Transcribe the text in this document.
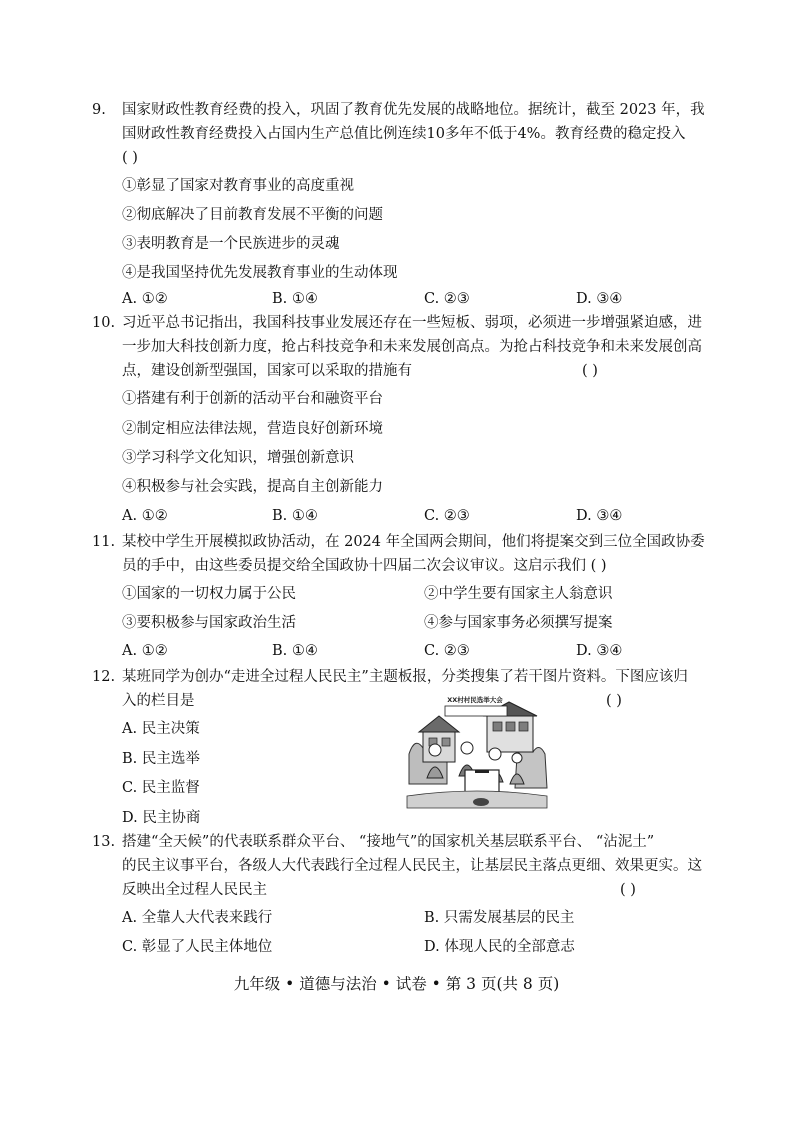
9. 国家财政性教育经费的投入，巩固了教育优先发展的战略地位。据统计，截至 2023 年，我
国财政性教育经费投入占国内生产总值比例连续10多年不低于4%。教育经费的稳定投入
( )
①彰显了国家对教育事业的高度重视
②彻底解决了目前教育发展不平衡的问题
③表明教育是一个民族进步的灵魂
④是我国坚持优先发展教育事业的生动体现
A. ①②	B. ①④	C. ②③	D. ③④
10. 习近平总书记指出，我国科技事业发展还存在一些短板、弱项，必须进一步增强紧迫感，进
一步加大科技创新力度，抢占科技竞争和未来发展创高点。为抢占科技竞争和未来发展创高
点，建设创新型强国，国家可以采取的措施有	( )
①搭建有利于创新的活动平台和融资平台
②制定相应法律法规，营造良好创新环境
③学习科学文化知识，增强创新意识
④积极参与社会实践，提高自主创新能力
A. ①②	B. ①④	C. ②③	D. ③④
11. 某校中学生开展模拟政协活动，在 2024 年全国两会期间，他们将提案交到三位全国政协委
员的手中，由这些委员提交给全国政协十四届二次会议审议。这启示我们 ( )
①国家的一切权力属于公民	②中学生要有国家主人翁意识
③要积极参与国家政治生活	④参与国家事务必须撰写提案
A. ①②	B. ①④	C. ②③	D. ③④
12. 某班同学为创办“走进全过程人民民主”主题板报，分类搜集了若干图片资料。下图应该归
入的栏目是	( )
XX村村民选举大会
A. 民主决策
B. 民主选举
C. 民主监督
D. 民主协商
13. 搭建“全天候”的代表联系群众平台、 “接地气”的国家机关基层联系平台、 “沾泥土”
的民主议事平台，各级人大代表践行全过程人民民主，让基层民主落点更细、效果更实。这
反映出全过程人民民主	( )
A. 全靠人大代表来践行	B. 只需发展基层的民主
C. 彰显了人民主体地位	D. 体现人民的全部意志
九年级 • 道德与法治 • 试卷 • 第 3 页(共 8 页)
